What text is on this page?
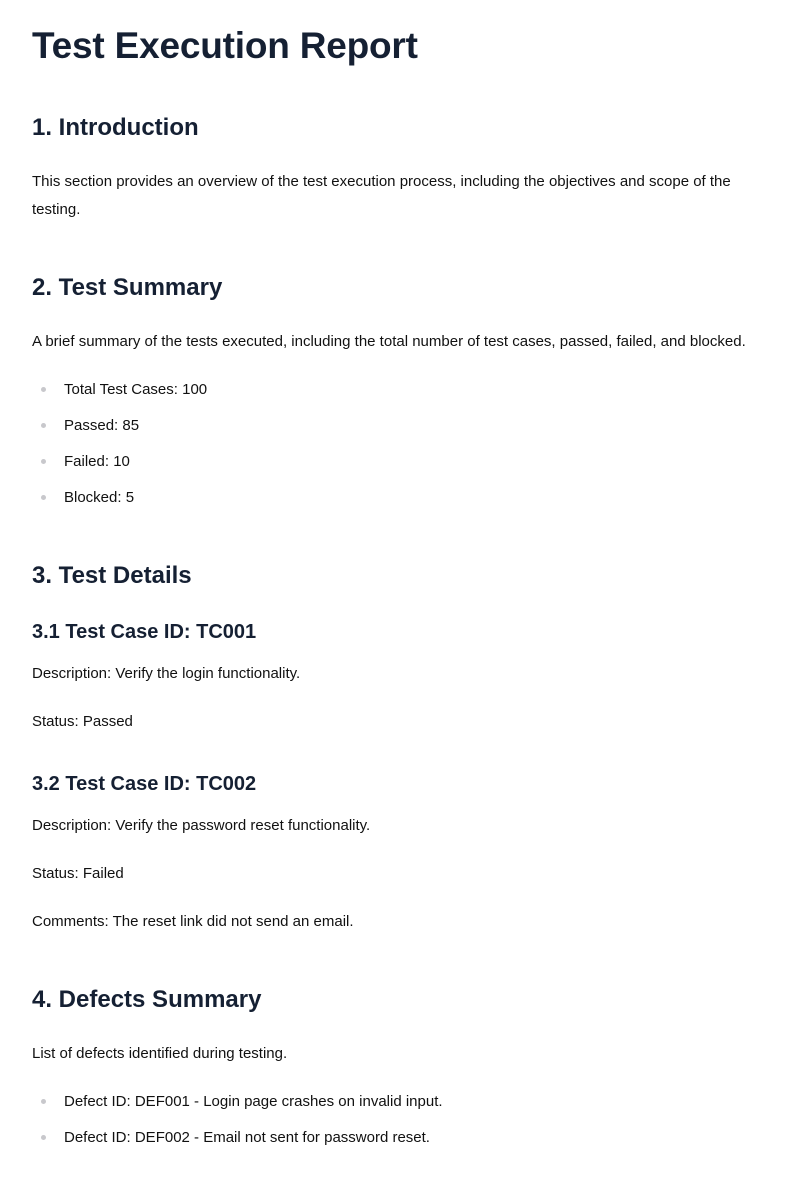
Test Execution Report
1. Introduction

This section provides an overview of the test execution process, including the objectives and scope of the testing.

2. Test Summary

A brief summary of the tests executed, including the total number of test cases, passed, failed, and blocked.

Total Test Cases: 100
Passed: 85
Failed: 10
Blocked: 5
3. Test Details
3.1 Test Case ID: TC001

Description: Verify the login functionality.

Status: Passed

3.2 Test Case ID: TC002

Description: Verify the password reset functionality.

Status: Failed

Comments: The reset link did not send an email.

4. Defects Summary

List of defects identified during testing.

Defect ID: DEF001 - Login page crashes on invalid input.
Defect ID: DEF002 - Email not sent for password reset.
